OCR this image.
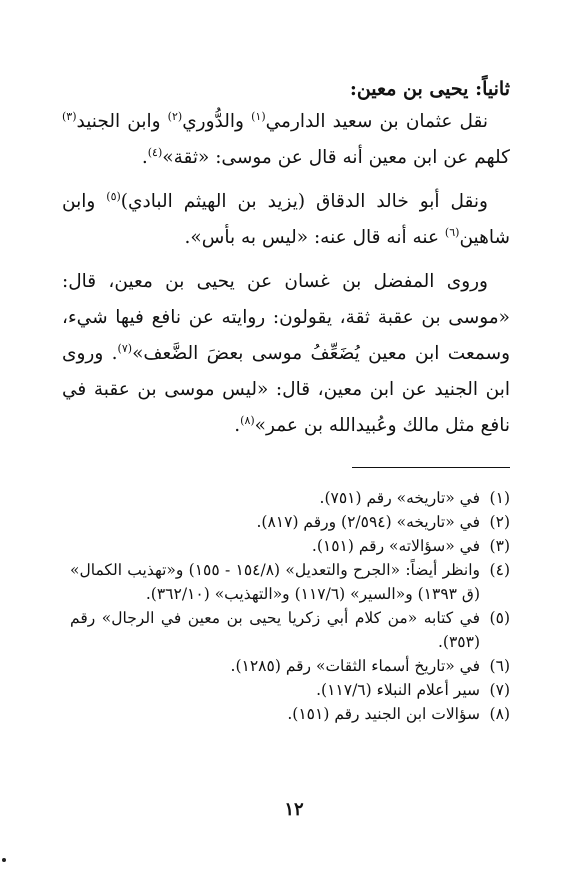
ثانياً: يحيى بن معين:

نقل عثمان بن سعيد الدارمي$^{(١)}$ والدُّوري$^{(٢)}$ وابن الجنيد$^{(٣)}$ كلهم عن ابن معين أنه قال عن موسى: «ثقة»$^{(٤)}$.

ونقل أبو خالد الدقاق (يزيد بن الهيثم البادي)$^{(٥)}$ وابن شاهين$^{(٦)}$ عنه أنه قال عنه: «ليس به بأس».

وروى المفضل بن غسان عن يحيى بن معين، قال: «موسى بن عقبة ثقة، يقولون: روايته عن نافع فيها شيء، وسمعت ابن معين يُضَعِّفُ موسى بعضَ الضَّعف»$^{(٧)}$. وروى ابن الجنيد عن ابن معين، قال: «ليس موسى بن عقبة في نافع مثل مالك وعُبيدالله بن عمر»$^{(٨)}$.

(١)
في «تاريخه» رقم (٧٥١).
(٢)
في «تاريخه» (٢/٥٩٤) ورقم (٨١٧).
(٣)
في «سؤالاته» رقم (١٥١).
(٤)
وانظر أيضاً: «الجرح والتعديل» (١٥٤/٨ - ١٥٥) و«تهذيب الكمال» (ق ١٣٩٣) و«السير» (١١٧/٦) و«التهذيب» (٣٦٢/١٠).
(٥)
في كتابه «من كلام أبي زكريا يحيى بن معين في الرجال» رقم (٣٥٣).
(٦)
في «تاريخ أسماء الثقات» رقم (١٢٨٥).
(٧)
سير أعلام النبلاء (١١٧/٦).
(٨)
سؤالات ابن الجنيد رقم (١٥١).
١٢
